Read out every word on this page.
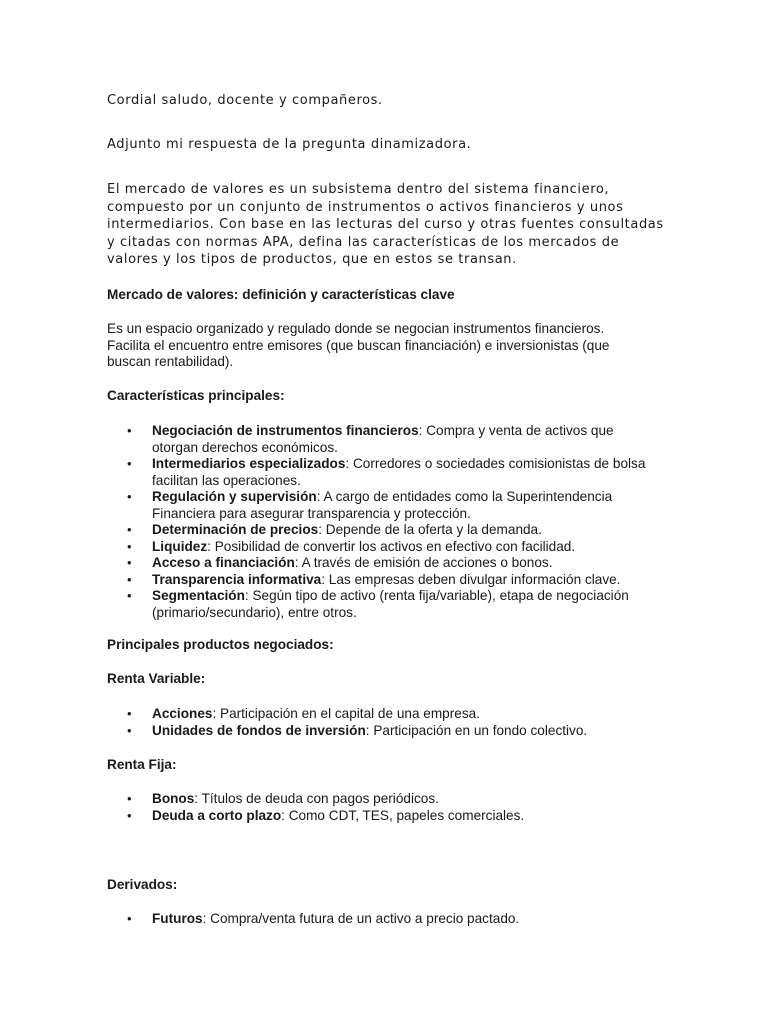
Cordial saludo, docente y compañeros.

Adjunto mi respuesta de la pregunta dinamizadora.

El mercado de valores es un subsistema dentro del sistema financiero, compuesto por un conjunto de instrumentos o activos financieros y unos intermediarios. Con base en las lecturas del curso y otras fuentes consultadas y citadas con normas APA, defina las características de los mercados de valores y los tipos de productos, que en estos se transan.

Mercado de valores: definición y características clave

Es un espacio organizado y regulado donde se negocian instrumentos financieros. Facilita el encuentro entre emisores (que buscan financiación) e inversionistas (que buscan rentabilidad).

Características principales:

• Negociación de instrumentos financieros: Compra y venta de activos que otorgan derechos económicos.
• Intermediarios especializados: Corredores o sociedades comisionistas de bolsa facilitan las operaciones.
• Regulación y supervisión: A cargo de entidades como la Superintendencia Financiera para asegurar transparencia y protección.
• Determinación de precios: Depende de la oferta y la demanda.
• Liquidez: Posibilidad de convertir los activos en efectivo con facilidad.
• Acceso a financiación: A través de emisión de acciones o bonos.
• Transparencia informativa: Las empresas deben divulgar información clave.
• Segmentación: Según tipo de activo (renta fija/variable), etapa de negociación (primario/secundario), entre otros.

Principales productos negociados:

Renta Variable:

• Acciones: Participación en el capital de una empresa.
• Unidades de fondos de inversión: Participación en un fondo colectivo.

Renta Fija:

• Bonos: Títulos de deuda con pagos periódicos.
• Deuda a corto plazo: Como CDT, TES, papeles comerciales.

Derivados:

• Futuros: Compra/venta futura de un activo a precio pactado.
